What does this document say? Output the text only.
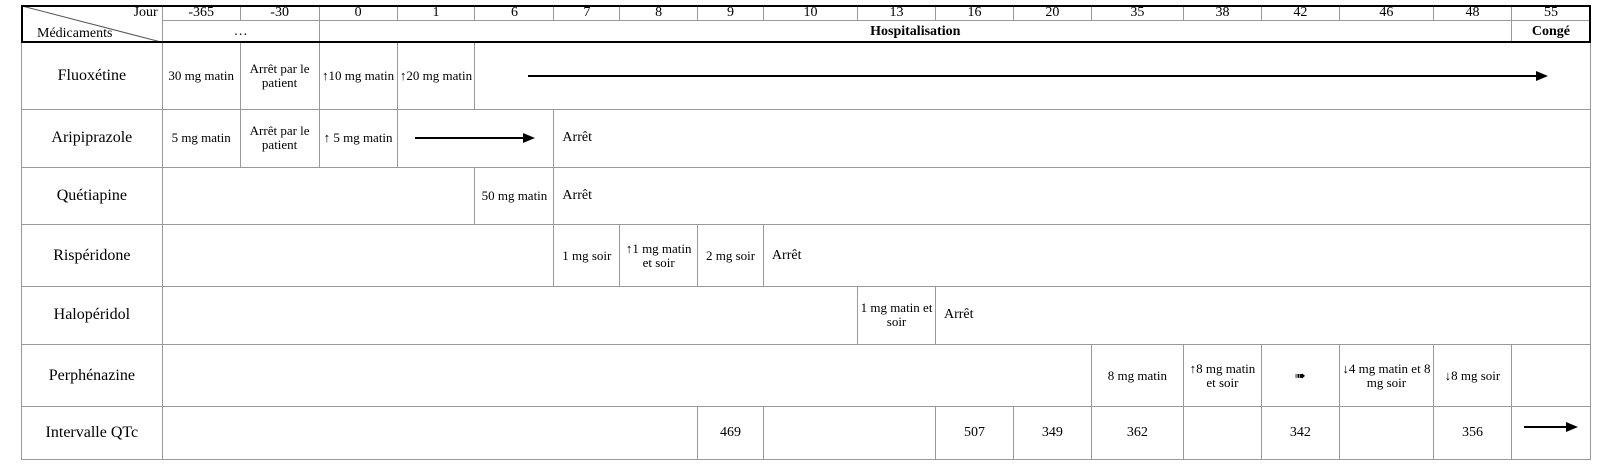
Jour
Médicaments	-365	-30	0	1	6	7	8	9	10	13	16	20	35	38	42	46	48	55
	…		Hospitalisation															Congé
Fluoxétine	30 mg matin	Arrêt par le patient	↑10 mg matin	↑20 mg matin	

Aripiprazole	5 mg matin	Arrêt par le patient	↑ 5 mg matin			Arrêt												
Quétiapine					50 mg matin	Arrêt												
Rispéridone						1 mg soir	↑1 mg matin et soir	2 mg soir	Arrêt									
Halopéridol										1 mg matin et soir	Arrêt							
Perphénazine													8 mg matin	↑8 mg matin et soir	➠	↓4 mg matin et 8 mg soir	↓8 mg soir	
Intervalle QTc								469			507	349	362		342		356	
